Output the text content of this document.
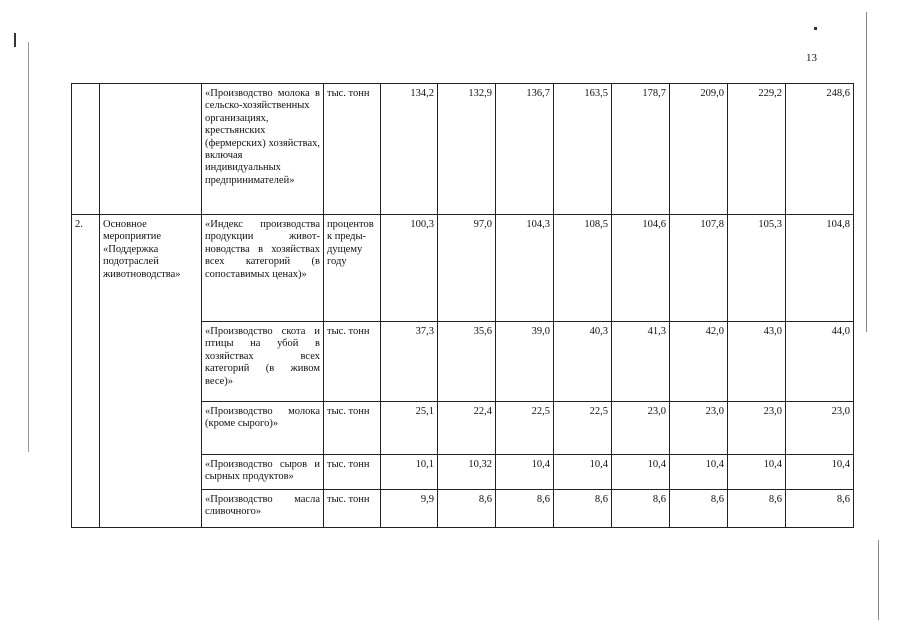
13
		«Производство молока в сельско-хозяйственных организациях, крестьянских (фермерских) хозяйствах, включая индивидуальных предпринимателей»	тыс. тонн	134,2	132,9	136,7	163,5	178,7	209,0	229,2	248,6
2.	Основное мероприятие «Поддержка подотраслей животноводства»	«Индекс производства продукции живот-новодства в хозяйствах всех категорий (в сопоставимых ценах)»	процентов к преды-дущему году	100,3	97,0	104,3	108,5	104,6	107,8	105,3	104,8
		«Производство скота и птицы на убой в хозяйствах всех категорий (в живом весе)»	тыс. тонн	37,3	35,6	39,0	40,3	41,3	42,0	43,0	44,0
		«Производство молока (кроме сырого)»	тыс. тонн	25,1	22,4	22,5	22,5	23,0	23,0	23,0	23,0
		«Производство сыров и сырных продуктов»	тыс. тонн	10,1	10,32	10,4	10,4	10,4	10,4	10,4	10,4
		«Производство масла сливочного»	тыс. тонн	9,9	8,6	8,6	8,6	8,6	8,6	8,6	8,6
